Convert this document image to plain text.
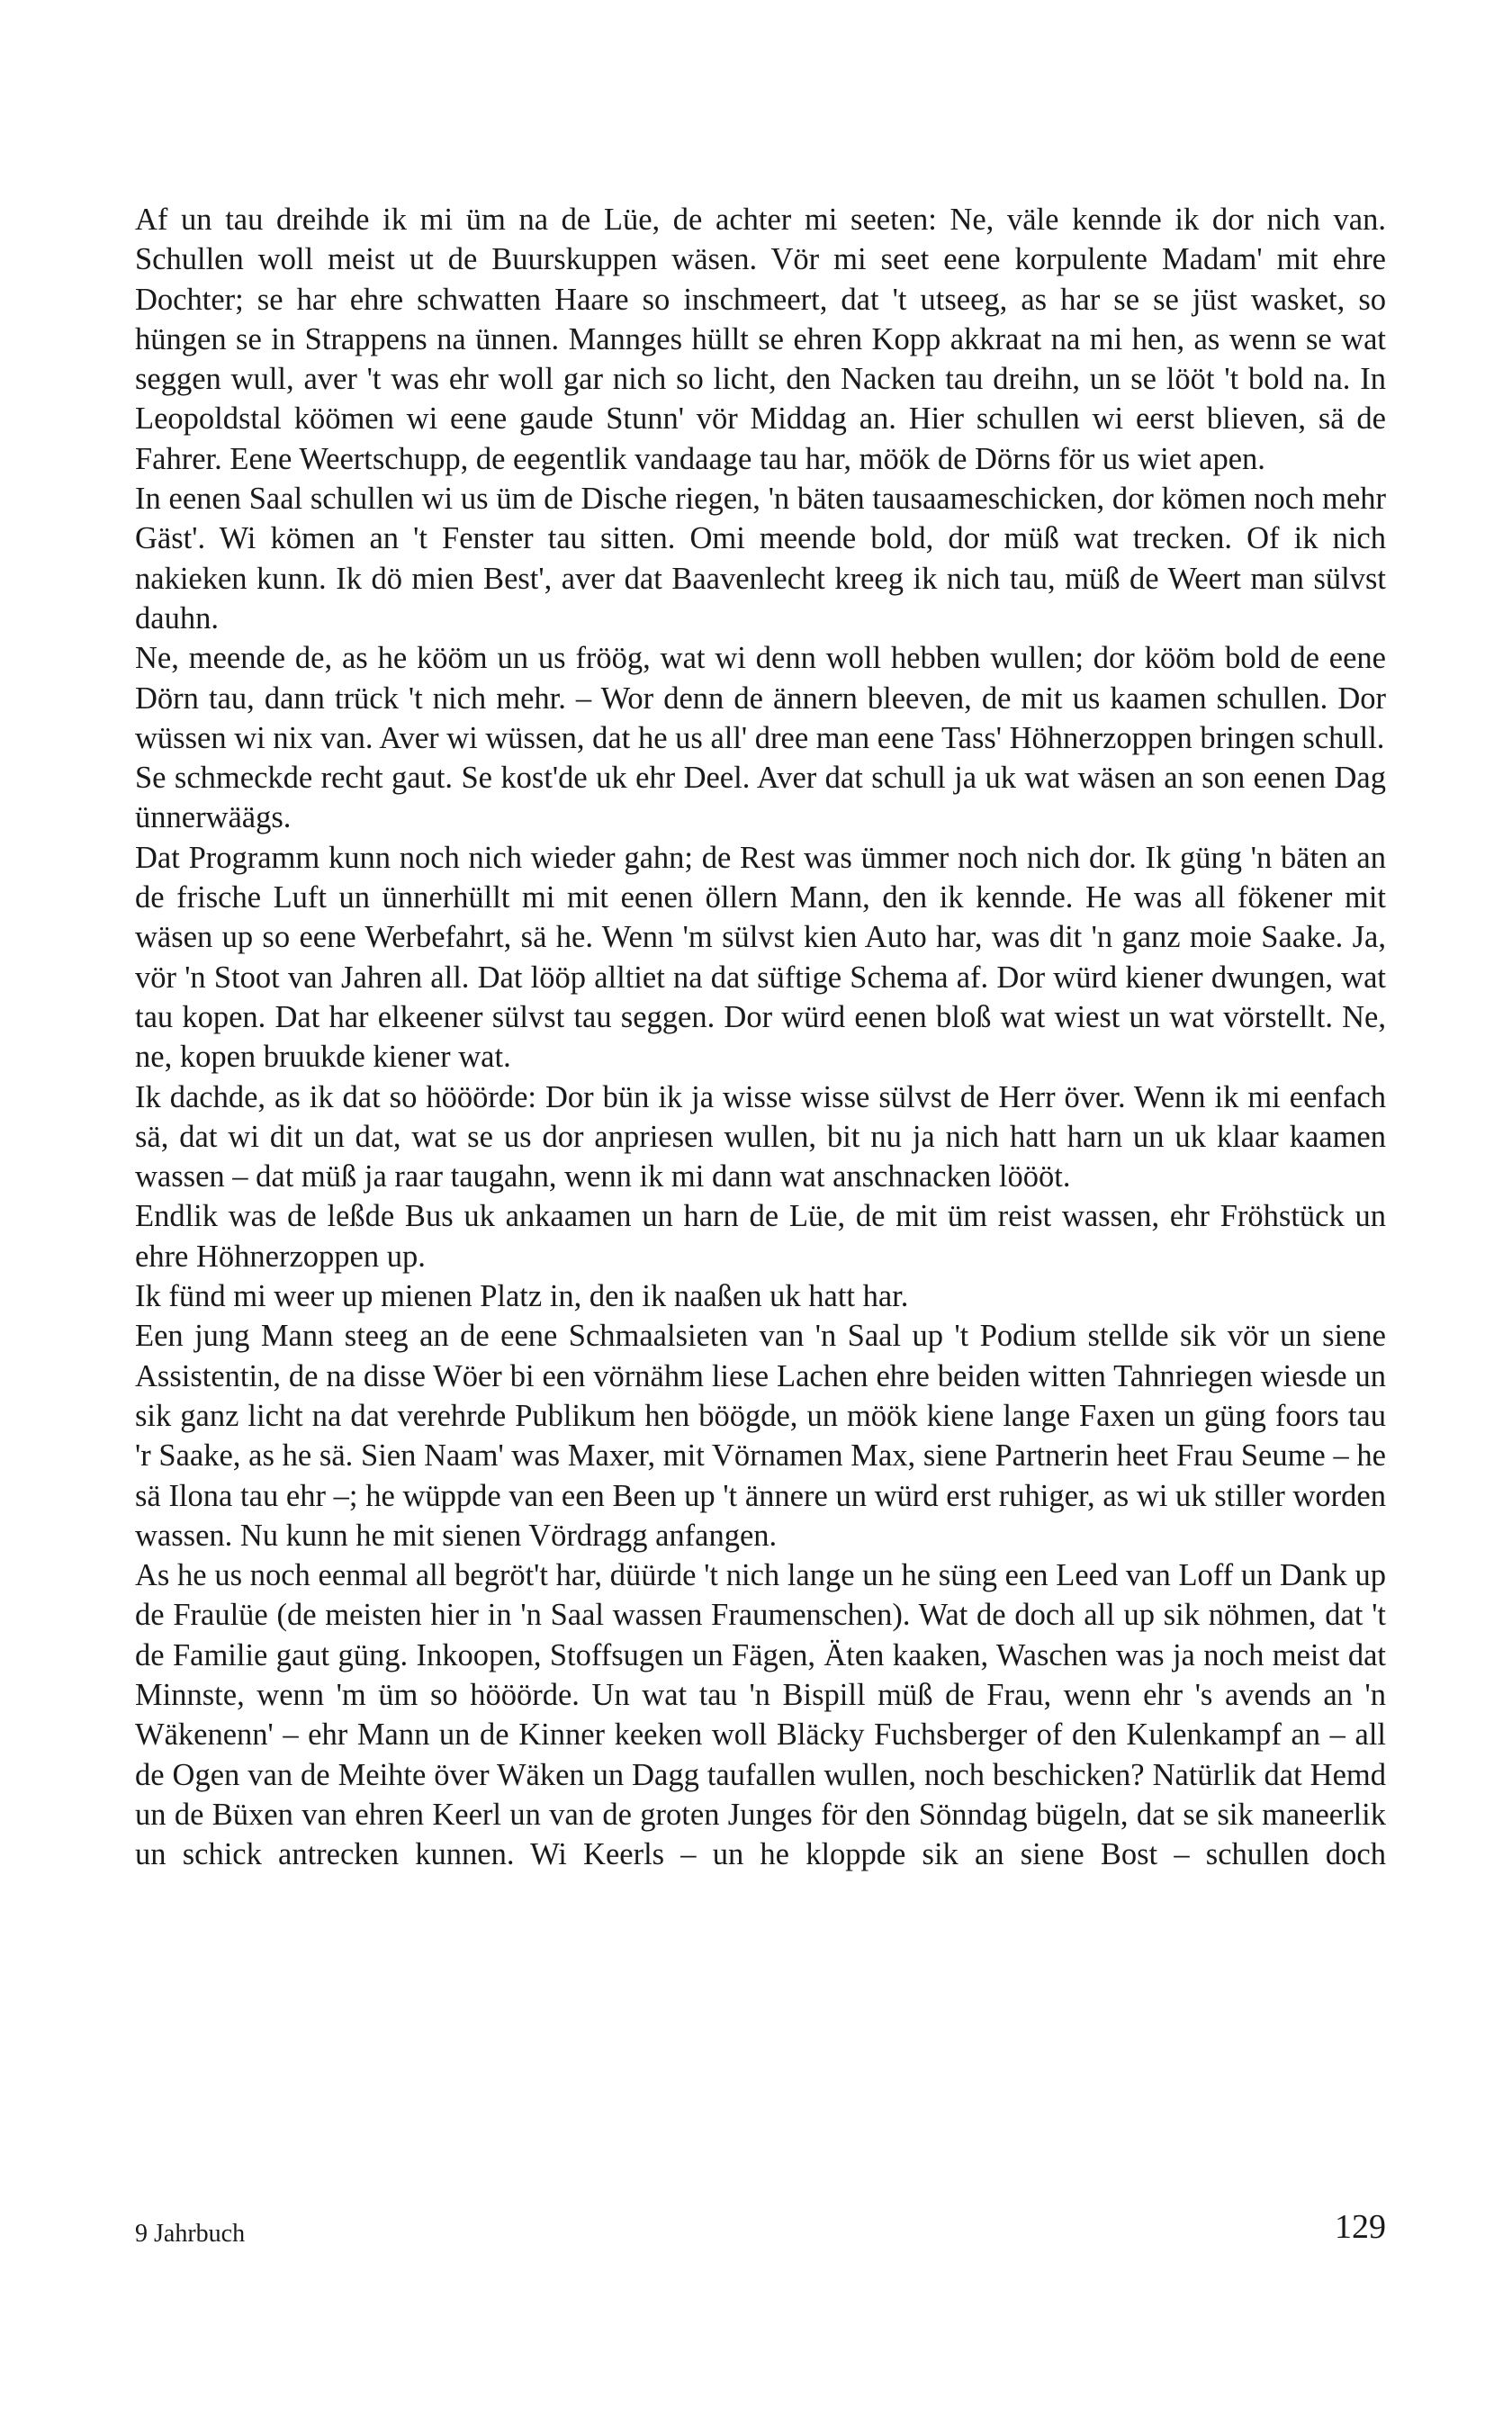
Af un tau dreihde ik mi üm na de Lüe, de achter mi seeten: Ne, väle kennde ik dor nich van. Schullen woll meist ut de Buurskuppen wäsen. Vör mi seet eene korpulente Madam' mit ehre Dochter; se har ehre schwatten Haare so inschmeert, dat 't utseeg, as har se se jüst wasket, so hüngen se in Strappens na ünnen. Mannges hüllt se ehren Kopp akkraat na mi hen, as wenn se wat seggen wull, aver 't was ehr woll gar nich so licht, den Nacken tau dreihn, un se lööt 't bold na. In Leopoldstal köömen wi eene gaude Stunn' vör Middag an. Hier schullen wi eerst blieven, sä de Fahrer. Eene Weertschupp, de eegentlik vandaage tau har, möök de Dörns för us wiet apen.

In eenen Saal schullen wi us üm de Dische riegen, 'n bäten tausaameschicken, dor kömen noch mehr Gäst'. Wi kömen an 't Fenster tau sitten. Omi meende bold, dor müß wat trecken. Of ik nich nakieken kunn. Ik dö mien Best', aver dat Baavenlecht kreeg ik nich tau, müß de Weert man sülvst dauhn.

Ne, meende de, as he kööm un us fröög, wat wi denn woll hebben wullen; dor kööm bold de eene Dörn tau, dann trück 't nich mehr. – Wor denn de ännern bleeven, de mit us kaamen schullen. Dor wüssen wi nix van. Aver wi wüssen, dat he us all' dree man eene Tass' Höhnerzoppen bringen schull.

Se schmeckde recht gaut. Se kost'de uk ehr Deel. Aver dat schull ja uk wat wäsen an son eenen Dag ünnerwäägs.

Dat Programm kunn noch nich wieder gahn; de Rest was ümmer noch nich dor. Ik güng 'n bäten an de frische Luft un ünnerhüllt mi mit eenen öllern Mann, den ik kennde. He was all fökener mit wäsen up so eene Werbefahrt, sä he. Wenn 'm sülvst kien Auto har, was dit 'n ganz moie Saake. Ja, vör 'n Stoot van Jahren all. Dat lööp alltiet na dat süftige Schema af. Dor würd kiener dwungen, wat tau kopen. Dat har elkeener sülvst tau seggen. Dor würd eenen bloß wat wiest un wat vörstellt. Ne, ne, kopen bruukde kiener wat.

Ik dachde, as ik dat so hööörde: Dor bün ik ja wisse wisse sülvst de Herr över. Wenn ik mi eenfach sä, dat wi dit un dat, wat se us dor anpriesen wullen, bit nu ja nich hatt harn un uk klaar kaamen wassen – dat müß ja raar taugahn, wenn ik mi dann wat anschnacken löööt.

Endlik was de leßde Bus uk ankaamen un harn de Lüe, de mit üm reist wassen, ehr Fröhstück un ehre Höhnerzoppen up.

Ik fünd mi weer up mienen Platz in, den ik naaßen uk hatt har.

Een jung Mann steeg an de eene Schmaalsieten van 'n Saal up 't Podium stellde sik vör un siene Assistentin, de na disse Wöer bi een vörnähm liese Lachen ehre beiden witten Tahnriegen wiesde un sik ganz licht na dat verehrde Publikum hen böögde, un möök kiene lange Faxen un güng foors tau 'r Saake, as he sä. Sien Naam' was Maxer, mit Vörnamen Max, siene Partnerin heet Frau Seume – he sä Ilona tau ehr –; he wüppde van een Been up 't ännere un würd erst ruhiger, as wi uk stiller worden wassen. Nu kunn he mit sienen Vördragg anfangen.

As he us noch eenmal all begröt't har, düürde 't nich lange un he süng een Leed van Loff un Dank up de Fraulüe (de meisten hier in 'n Saal wassen Fraumenschen). Wat de doch all up sik nöhmen, dat 't de Familie gaut güng. Inkoopen, Stoffsugen un Fägen, Äten kaaken, Waschen was ja noch meist dat Minnste, wenn 'm üm so hööörde. Un wat tau 'n Bispill müß de Frau, wenn ehr 's avends an 'n Wäkenenn' – ehr Mann un de Kinner keeken woll Bläcky Fuchsberger of den Kulenkampf an – all de Ogen van de Meihte över Wäken un Dagg taufallen wullen, noch beschicken? Natürlik dat Hemd un de Büxen van ehren Keerl un van de groten Junges för den Sönndag bügeln, dat se sik maneerlik un schick antrecken kunnen. Wi Keerls – un he kloppde sik an siene Bost – schullen doch

9 Jahrbuch	129
